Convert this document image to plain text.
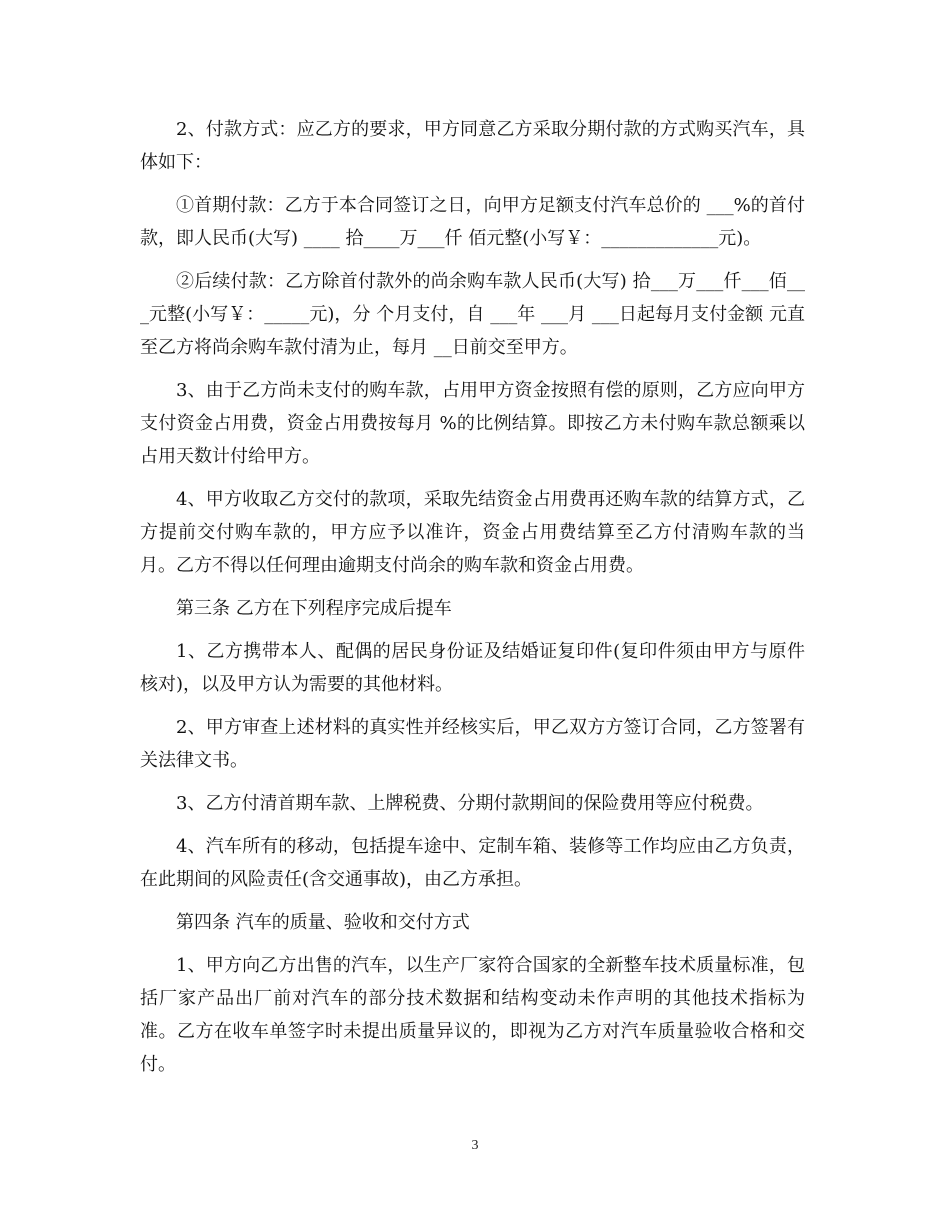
2、付款方式：应乙方的要求，甲方同意乙方采取分期付款的方式购买汽车，具体如下：

①首期付款：乙方于本合同签订之日，向甲方足额支付汽车总价的 ___%的首付款，即人民币(大写) ____ 拾____万___仟 佰元整(小写￥：_____________元)。

②后续付款：乙方除首付款外的尚余购车款人民币(大写) 拾___万___仟___佰___元整(小写￥：_____元)，分 个月支付，自 ___年 ___月 ___日起每月支付金额 元直至乙方将尚余购车款付清为止，每月 __日前交至甲方。

3、由于乙方尚未支付的购车款，占用甲方资金按照有偿的原则，乙方应向甲方支付资金占用费，资金占用费按每月 %的比例结算。即按乙方未付购车款总额乘以占用天数计付给甲方。

4、甲方收取乙方交付的款项，采取先结资金占用费再还购车款的结算方式，乙方提前交付购车款的，甲方应予以准许，资金占用费结算至乙方付清购车款的当月。乙方不得以任何理由逾期支付尚余的购车款和资金占用费。

第三条 乙方在下列程序完成后提车

1、乙方携带本人、配偶的居民身份证及结婚证复印件(复印件须由甲方与原件核对)，以及甲方认为需要的其他材料。

2、甲方审查上述材料的真实性并经核实后，甲乙双方方签订合同，乙方签署有关法律文书。

3、乙方付清首期车款、上牌税费、分期付款期间的保险费用等应付税费。

4、汽车所有的移动，包括提车途中、定制车箱、装修等工作均应由乙方负责，在此期间的风险责任(含交通事故)，由乙方承担。

第四条 汽车的质量、验收和交付方式

1、甲方向乙方出售的汽车，以生产厂家符合国家的全新整车技术质量标准，包括厂家产品出厂前对汽车的部分技术数据和结构变动未作声明的其他技术指标为准。乙方在收车单签字时未提出质量异议的，即视为乙方对汽车质量验收合格和交付。

3
